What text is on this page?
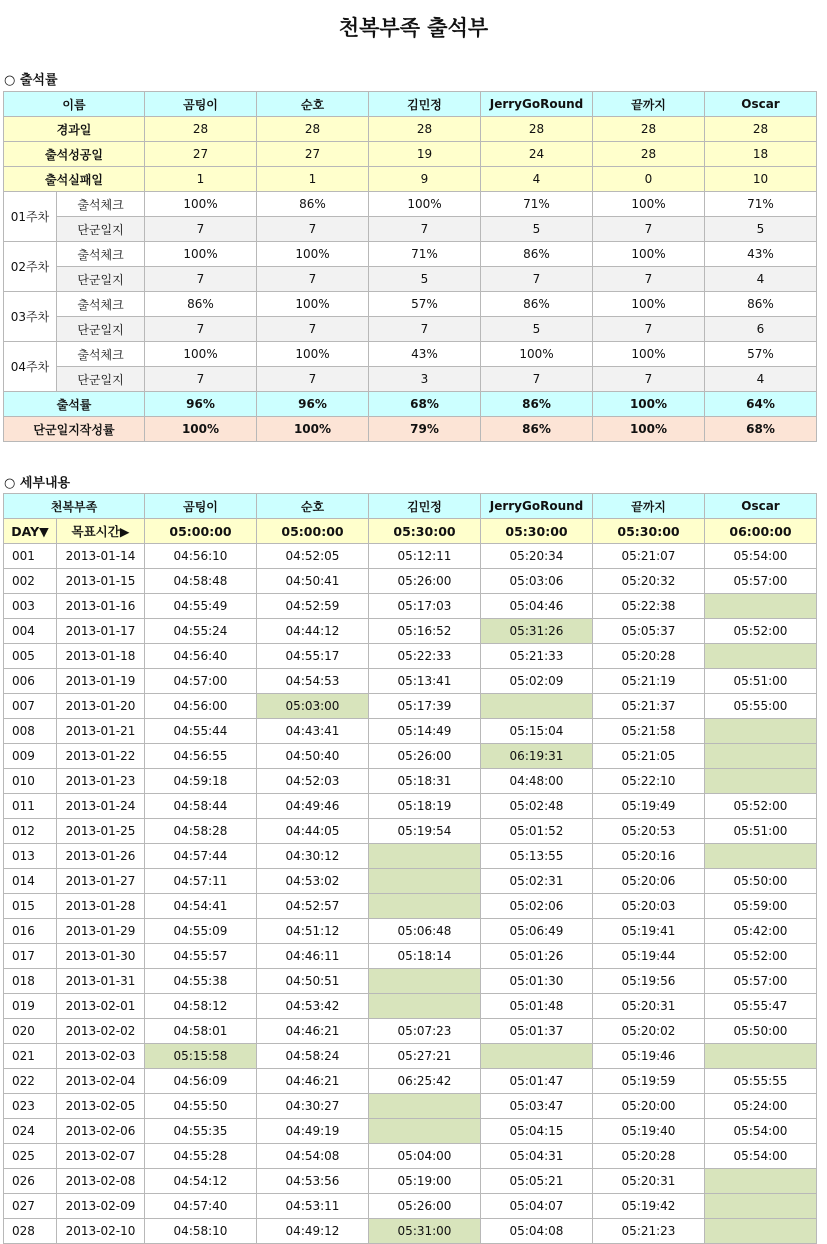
천복부족 출석부
○ 출석률
이름		곰팅이	순호	김민정	JerryGoRound	끝까지	Oscar
경과일		28	28	28	28	28	28
출석성공일		27	27	19	24	28	18
출석실패일		1	1	9	4	0	10
01주차	출석체크	100%	86%	100%	71%	100%	71%
	단군일지	7	7	7	5	7	5
02주차	출석체크	100%	100%	71%	86%	100%	43%
	단군일지	7	7	5	7	7	4
03주차	출석체크	86%	100%	57%	86%	100%	86%
	단군일지	7	7	7	5	7	6
04주차	출석체크	100%	100%	43%	100%	100%	57%
	단군일지	7	7	3	7	7	4
출석률		96%	96%	68%	86%	100%	64%
단군일지작성률		100%	100%	79%	86%	100%	68%
○ 세부내용
천복부족		곰팅이	순호	김민정	JerryGoRound	끝까지	Oscar
DAY▼	목표시간▶	05:00:00	05:00:00	05:30:00	05:30:00	05:30:00	06:00:00
001	2013-01-14	04:56:10	04:52:05	05:12:11	05:20:34	05:21:07	05:54:00
002	2013-01-15	04:58:48	04:50:41	05:26:00	05:03:06	05:20:32	05:57:00
003	2013-01-16	04:55:49	04:52:59	05:17:03	05:04:46	05:22:38	
004	2013-01-17	04:55:24	04:44:12	05:16:52	05:31:26	05:05:37	05:52:00
005	2013-01-18	04:56:40	04:55:17	05:22:33	05:21:33	05:20:28	
006	2013-01-19	04:57:00	04:54:53	05:13:41	05:02:09	05:21:19	05:51:00
007	2013-01-20	04:56:00	05:03:00	05:17:39		05:21:37	05:55:00
008	2013-01-21	04:55:44	04:43:41	05:14:49	05:15:04	05:21:58	
009	2013-01-22	04:56:55	04:50:40	05:26:00	06:19:31	05:21:05	
010	2013-01-23	04:59:18	04:52:03	05:18:31	04:48:00	05:22:10	
011	2013-01-24	04:58:44	04:49:46	05:18:19	05:02:48	05:19:49	05:52:00
012	2013-01-25	04:58:28	04:44:05	05:19:54	05:01:52	05:20:53	05:51:00
013	2013-01-26	04:57:44	04:30:12		05:13:55	05:20:16	
014	2013-01-27	04:57:11	04:53:02		05:02:31	05:20:06	05:50:00
015	2013-01-28	04:54:41	04:52:57		05:02:06	05:20:03	05:59:00
016	2013-01-29	04:55:09	04:51:12	05:06:48	05:06:49	05:19:41	05:42:00
017	2013-01-30	04:55:57	04:46:11	05:18:14	05:01:26	05:19:44	05:52:00
018	2013-01-31	04:55:38	04:50:51		05:01:30	05:19:56	05:57:00
019	2013-02-01	04:58:12	04:53:42		05:01:48	05:20:31	05:55:47
020	2013-02-02	04:58:01	04:46:21	05:07:23	05:01:37	05:20:02	05:50:00
021	2013-02-03	05:15:58	04:58:24	05:27:21		05:19:46	
022	2013-02-04	04:56:09	04:46:21	06:25:42	05:01:47	05:19:59	05:55:55
023	2013-02-05	04:55:50	04:30:27		05:03:47	05:20:00	05:24:00
024	2013-02-06	04:55:35	04:49:19		05:04:15	05:19:40	05:54:00
025	2013-02-07	04:55:28	04:54:08	05:04:00	05:04:31	05:20:28	05:54:00
026	2013-02-08	04:54:12	04:53:56	05:19:00	05:05:21	05:20:31	
027	2013-02-09	04:57:40	04:53:11	05:26:00	05:04:07	05:19:42	
028	2013-02-10	04:58:10	04:49:12	05:31:00	05:04:08	05:21:23	
